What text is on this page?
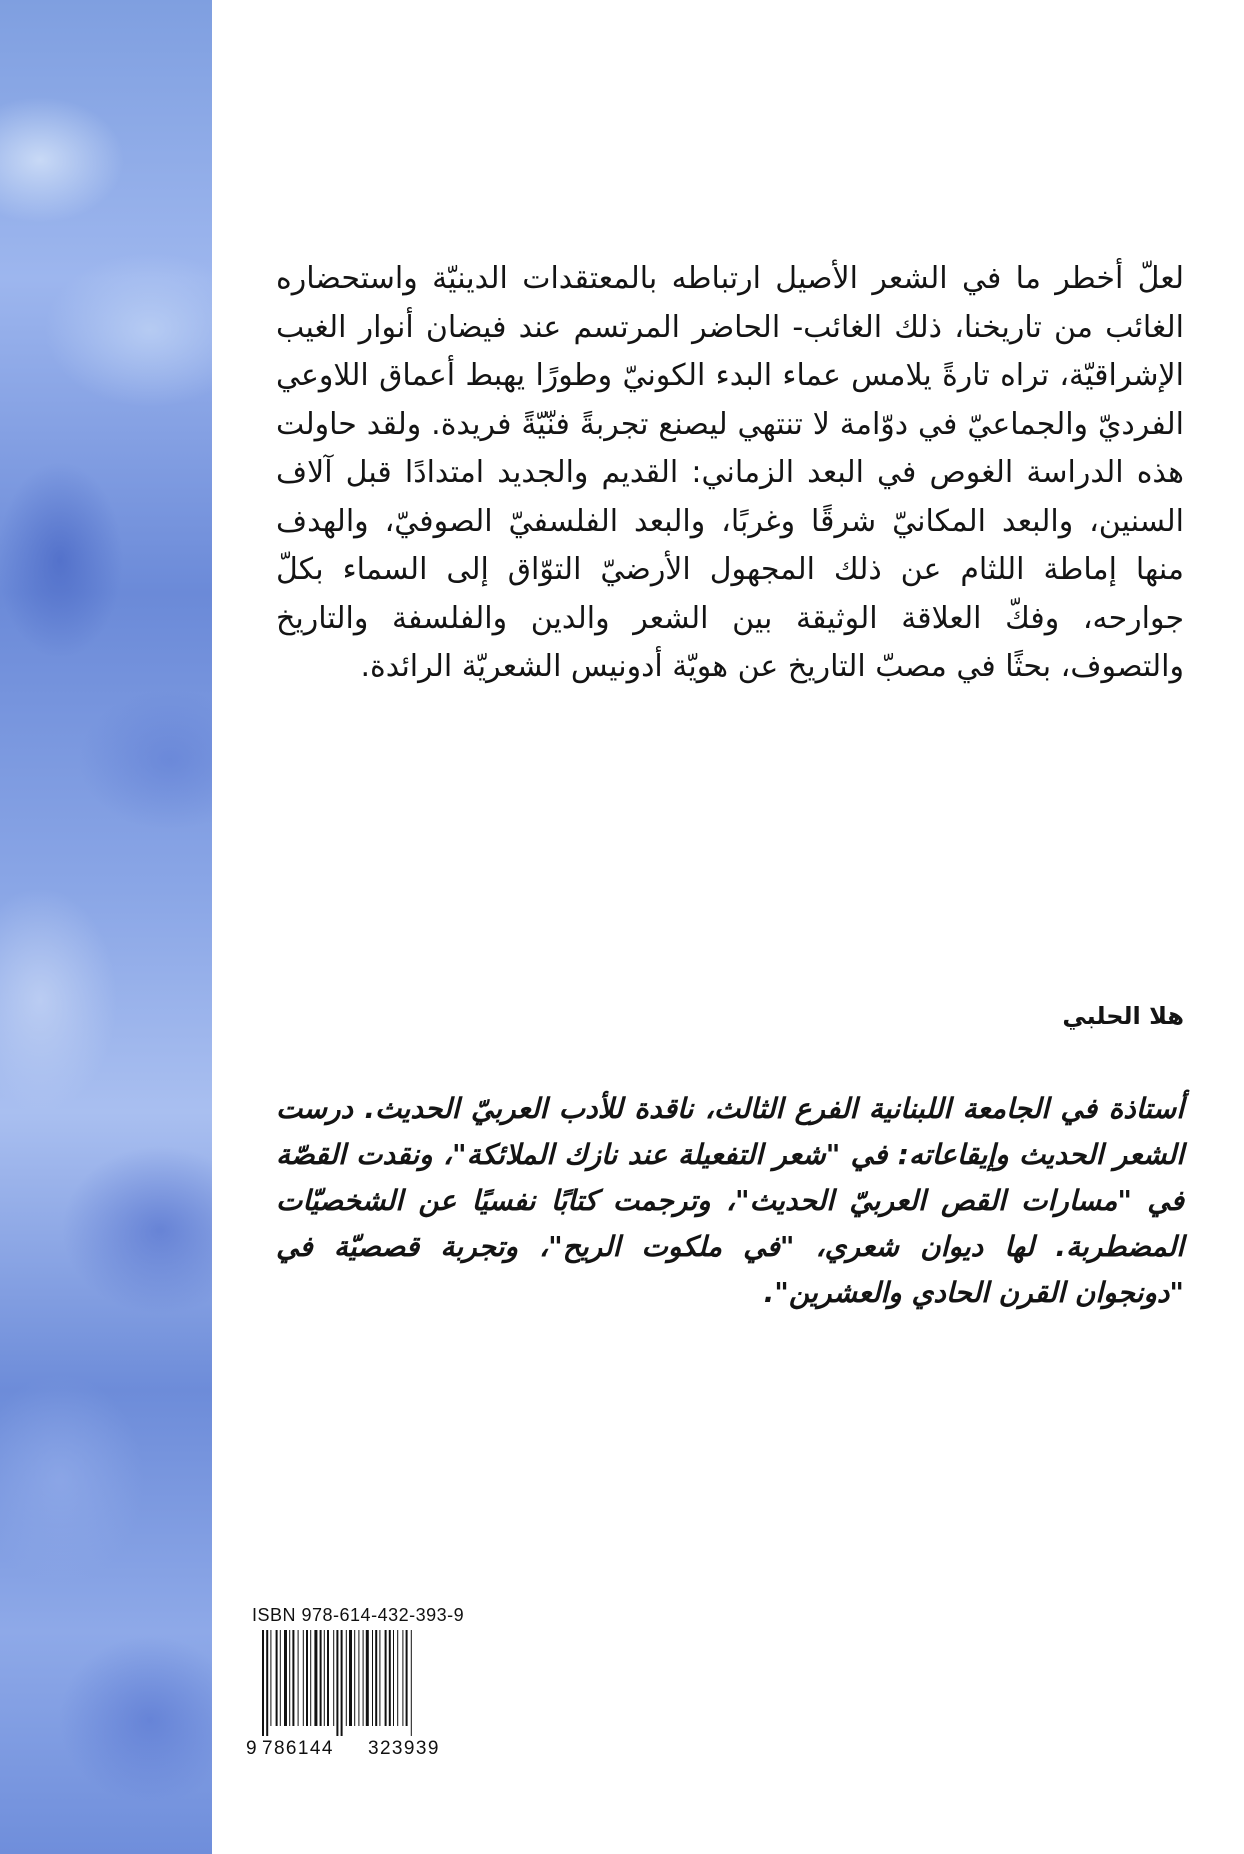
لعلّ أخطر ما في الشعر الأصيل ارتباطه بالمعتقدات الدينيّة واستحضاره الغائب من تاريخنا، ذلك الغائب- الحاضر المرتسم عند فيضان أنوار الغيب الإشراقيّة، تراه تارةً يلامس عماء البدء الكونيّ وطورًا يهبط أعماق اللاوعي الفرديّ والجماعيّ في دوّامة لا تنتهي ليصنع تجربةً فنّيّةً فريدة. ولقد حاولت هذه الدراسة الغوص في البعد الزماني: القديم والجديد امتدادًا قبل آلاف السنين، والبعد المكانيّ شرقًا وغربًا، والبعد الفلسفيّ الصوفيّ، والهدف منها إماطة اللثام عن ذلك المجهول الأرضيّ التوّاق إلى السماء بكلّ جوارحه، وفكّ العلاقة الوثيقة بين الشعر والدين والفلسفة والتاريخ والتصوف، بحثًا في مصبّ التاريخ عن هويّة أدونيس الشعريّة الرائدة.

هلا الحلبي

أستاذة في الجامعة اللبنانية الفرع الثالث، ناقدة للأدب العربيّ الحديث. درست الشعر الحديث وإيقاعاته: في "شعر التفعيلة عند نازك الملائكة"، ونقدت القصّة في "مسارات القص العربيّ الحديث"، وترجمت كتابًا نفسيًا عن الشخصيّات المضطربة. لها ديوان شعري، "في ملكوت الريح"، وتجربة قصصيّة في "دونجوان القرن الحادي والعشرين".

ISBN 978-614-432-393-9
9 786144	323939
